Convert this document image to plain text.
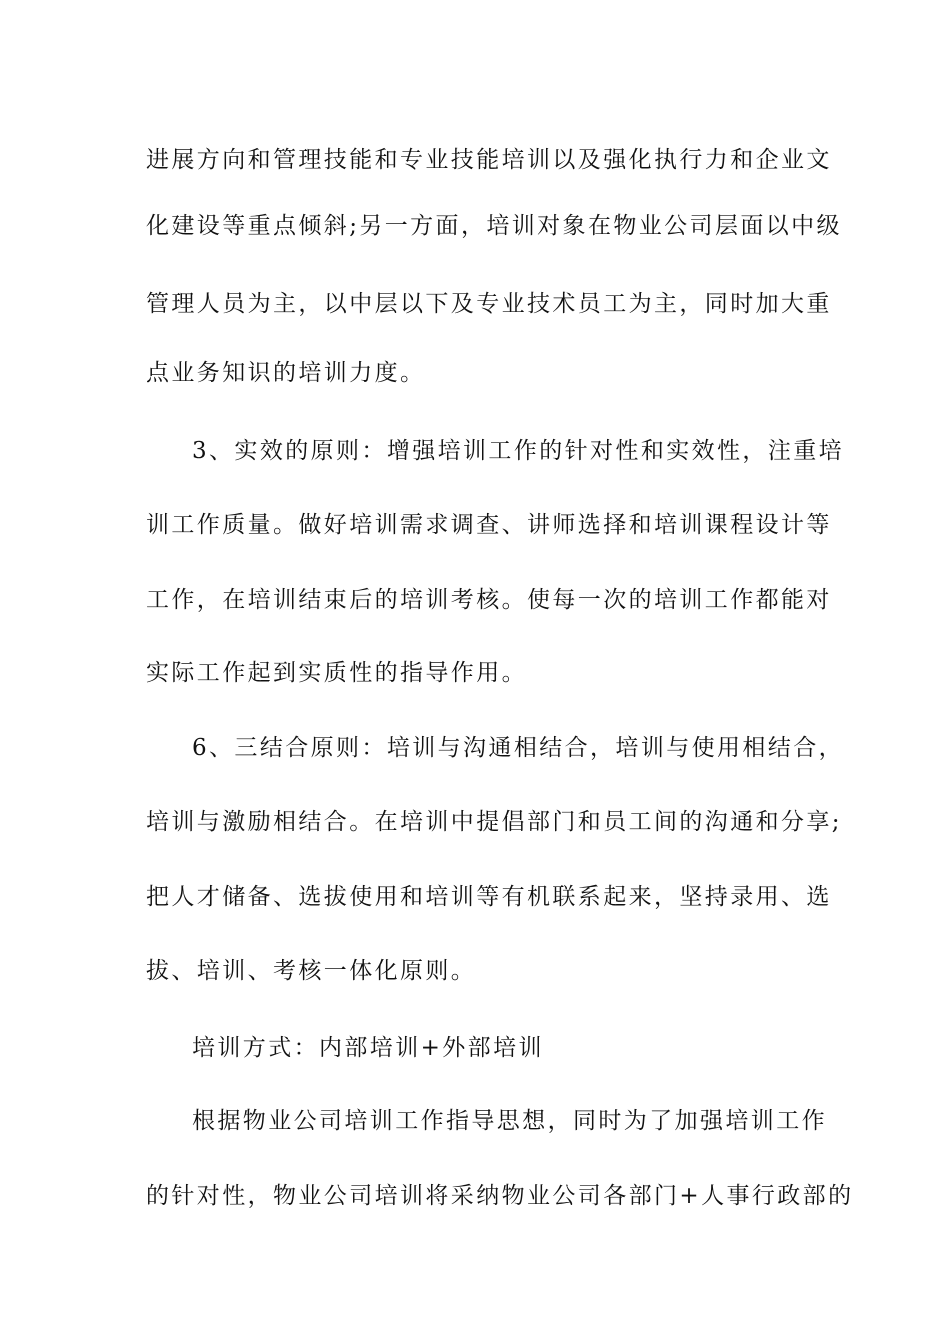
进展方向和管理技能和专业技能培训以及强化执行力和企业文
化建设等重点倾斜;另一方面，培训对象在物业公司层面以中级
管理人员为主，以中层以下及专业技术员工为主，同时加大重
点业务知识的培训力度。
3、实效的原则：增强培训工作的针对性和实效性，注重培
训工作质量。做好培训需求调查、讲师选择和培训课程设计等
工作，在培训结束后的培训考核。使每一次的培训工作都能对
实际工作起到实质性的指导作用。
6、三结合原则：培训与沟通相结合，培训与使用相结合，
培训与激励相结合。在培训中提倡部门和员工间的沟通和分享;
把人才储备、选拔使用和培训等有机联系起来，坚持录用、选
拔、培训、考核一体化原则。
培训方式：内部培训+外部培训
根据物业公司培训工作指导思想，同时为了加强培训工作
的针对性，物业公司培训将采纳物业公司各部门+人事行政部的
